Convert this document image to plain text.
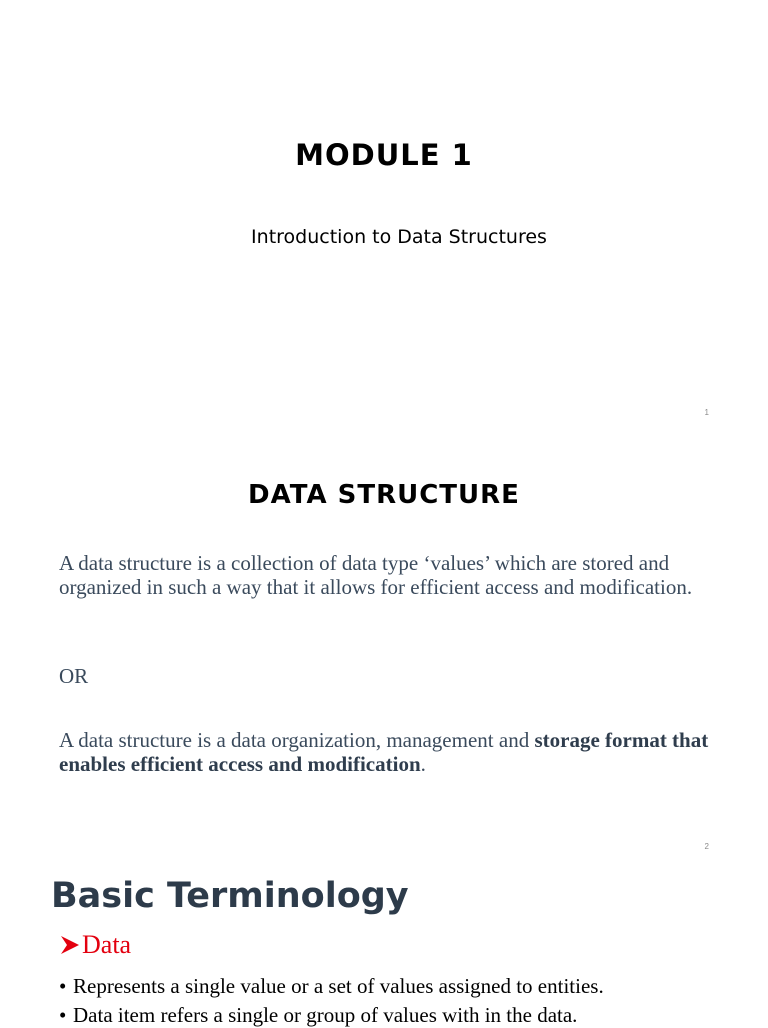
MODULE 1

Introduction to Data Structures

1
DATA STRUCTURE

A data structure is a collection of data type ‘values’ which are stored and organized in such a way that it allows for efficient access and modification.

OR

A data structure is a data organization, management and storage format that enables efficient access and modification.

2
Basic Terminology
Data

• Represents a single value or a set of values assigned to entities.

• Data item refers a single or group of values with in the data.
